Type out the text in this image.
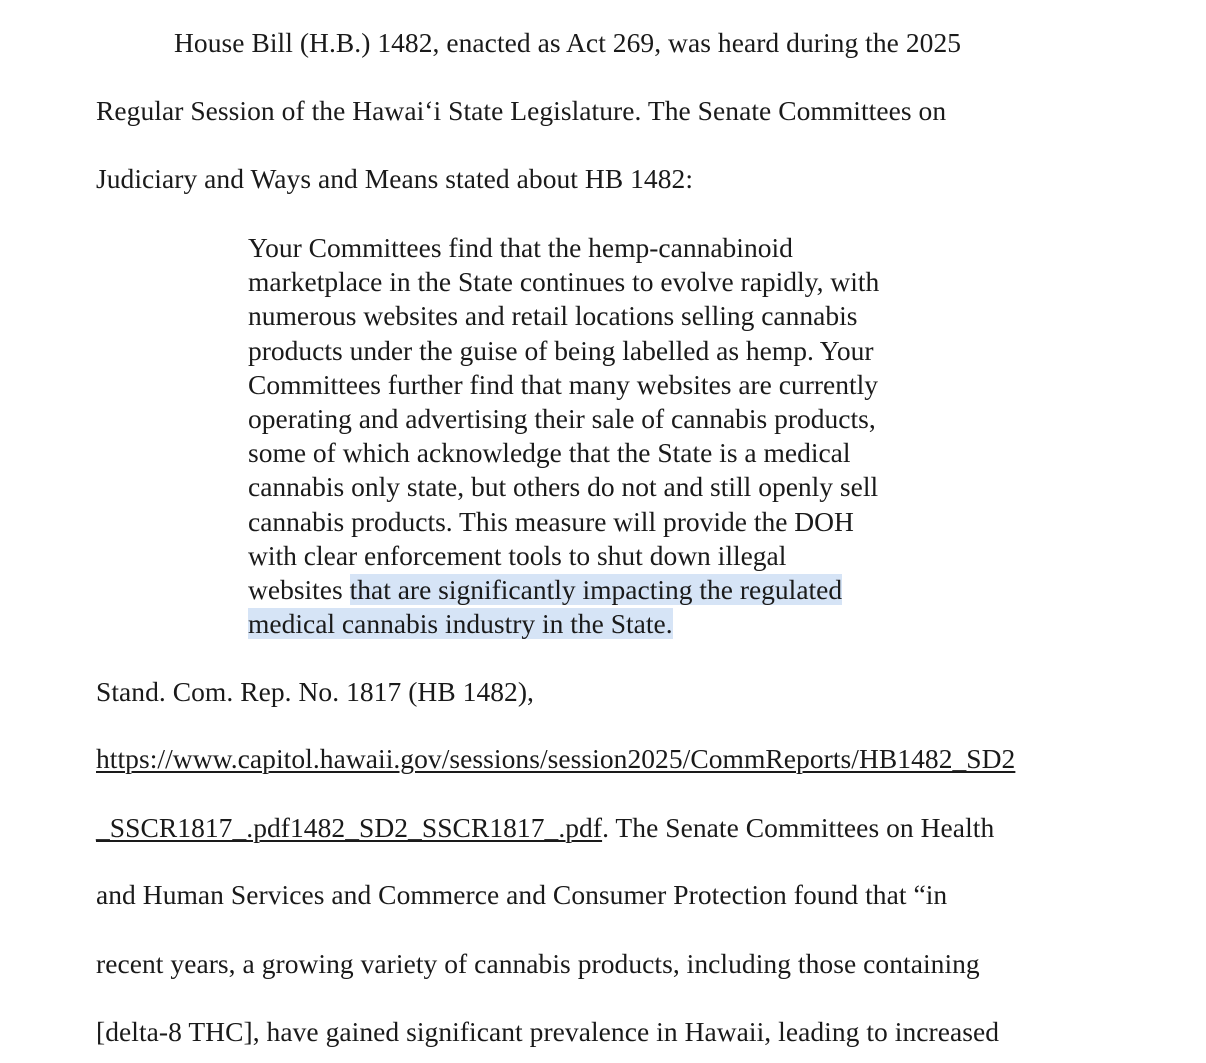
House Bill (H.B.) 1482, enacted as Act 269, was heard during the 2025
Regular Session of the Hawai‘i State Legislature. The Senate Committees on
Judiciary and Ways and Means stated about HB 1482:
Your Committees find that the hemp-cannabinoid
marketplace in the State continues to evolve rapidly, with
numerous websites and retail locations selling cannabis
products under the guise of being labelled as hemp. Your
Committees further find that many websites are currently
operating and advertising their sale of cannabis products,
some of which acknowledge that the State is a medical
cannabis only state, but others do not and still openly sell
cannabis products. This measure will provide the DOH
with clear enforcement tools to shut down illegal
websites that are significantly impacting the regulated
medical cannabis industry in the State.
Stand. Com. Rep. No. 1817 (HB 1482),
https://www.capitol.hawaii.gov/sessions/session2025/CommReports/HB1482_SD2
_SSCR1817_.pdf1482_SD2_SSCR1817_.pdf. The Senate Committees on Health
and Human Services and Commerce and Consumer Protection found that “in
recent years, a growing variety of cannabis products, including those containing
[delta-8 THC], have gained significant prevalence in Hawaii, leading to increased
